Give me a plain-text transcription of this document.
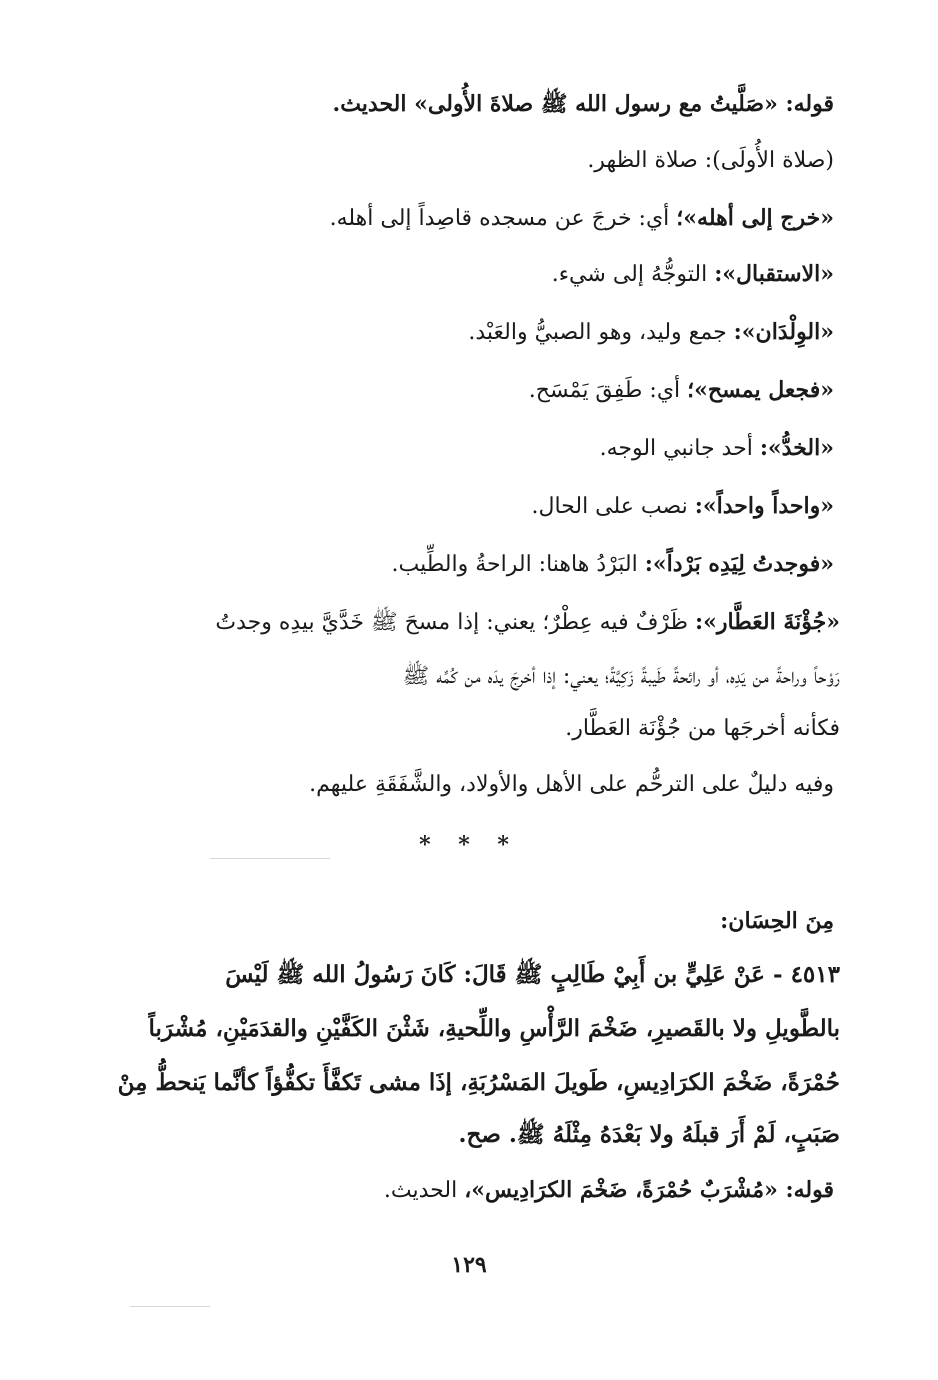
قوله: «صَلَّيتُ مع رسول الله ﷺ صلاةَ الأُولى» الحديث.
(صلاة الأُولَى): صلاة الظهر.
«خرج إلى أهله»؛ أي: خرجَ عن مسجده قاصِداً إلى أهله.
«الاستقبال»: التوجُّهُ إلى شيء.
«الوِلْدَان»: جمع وليد، وهو الصبيُّ والعَبْد.
«فجعل يمسح»؛ أي: طَفِقَ يَمْسَح.
«الخدُّ»: أحد جانبي الوجه.
«واحداً واحداً»: نصب على الحال.
«فوجدتُ لِيَدِه بَرْداً»: البَرْدُ هاهنا: الراحةُ والطِّيب.
«جُؤْنَةَ العَطَّار»: ظَرْفٌ فيه عِطْرٌ؛ يعني: إذا مسحَ ﷺ خَدَّيَّ بيدِه وجدتُ
رَوْحاً وراحةً من يَدِه، أو رائحةً طَيبةً زَكِيَّةً؛ يعني: إذا أخرجَ يدَه من كُمِّه ﷺ
فكأنه أخرجَها من جُؤْنَة العَطَّار.
وفيه دليلٌ على الترحُّم على الأهل والأولاد، والشَّفَقَةِ عليهم.
* * *
مِنَ الحِسَان:
٤٥١٣ - عَنْ عَلِيٍّ بن أَبِيْ طَالِبٍ ﷺ قَالَ: كَانَ رَسُولُ الله ﷺ لَيْسَ
بالطَّويلِ ولا بالقَصيرِ، ضَخْمَ الرَّأْسِ واللِّحيةِ، شَثْنَ الكَفَّيْنِ والقدَمَيْنِ، مُشْرَباً
حُمْرَةً، ضَخْمَ الكرَادِيسِ، طَويلَ المَسْرُبَةِ، إذَا مشى تَكفَّأَ تكفُّؤاً كأنَّما يَنحطُّ مِنْ
صَبَبٍ، لَمْ أَرَ قبلَهُ ولا بَعْدَهُ مِثْلَهُ ﷺ. صح.
قوله: «مُشْرَبٌ حُمْرَةً، ضَخْمَ الكرَادِيس»، الحديث.
١٢٩
